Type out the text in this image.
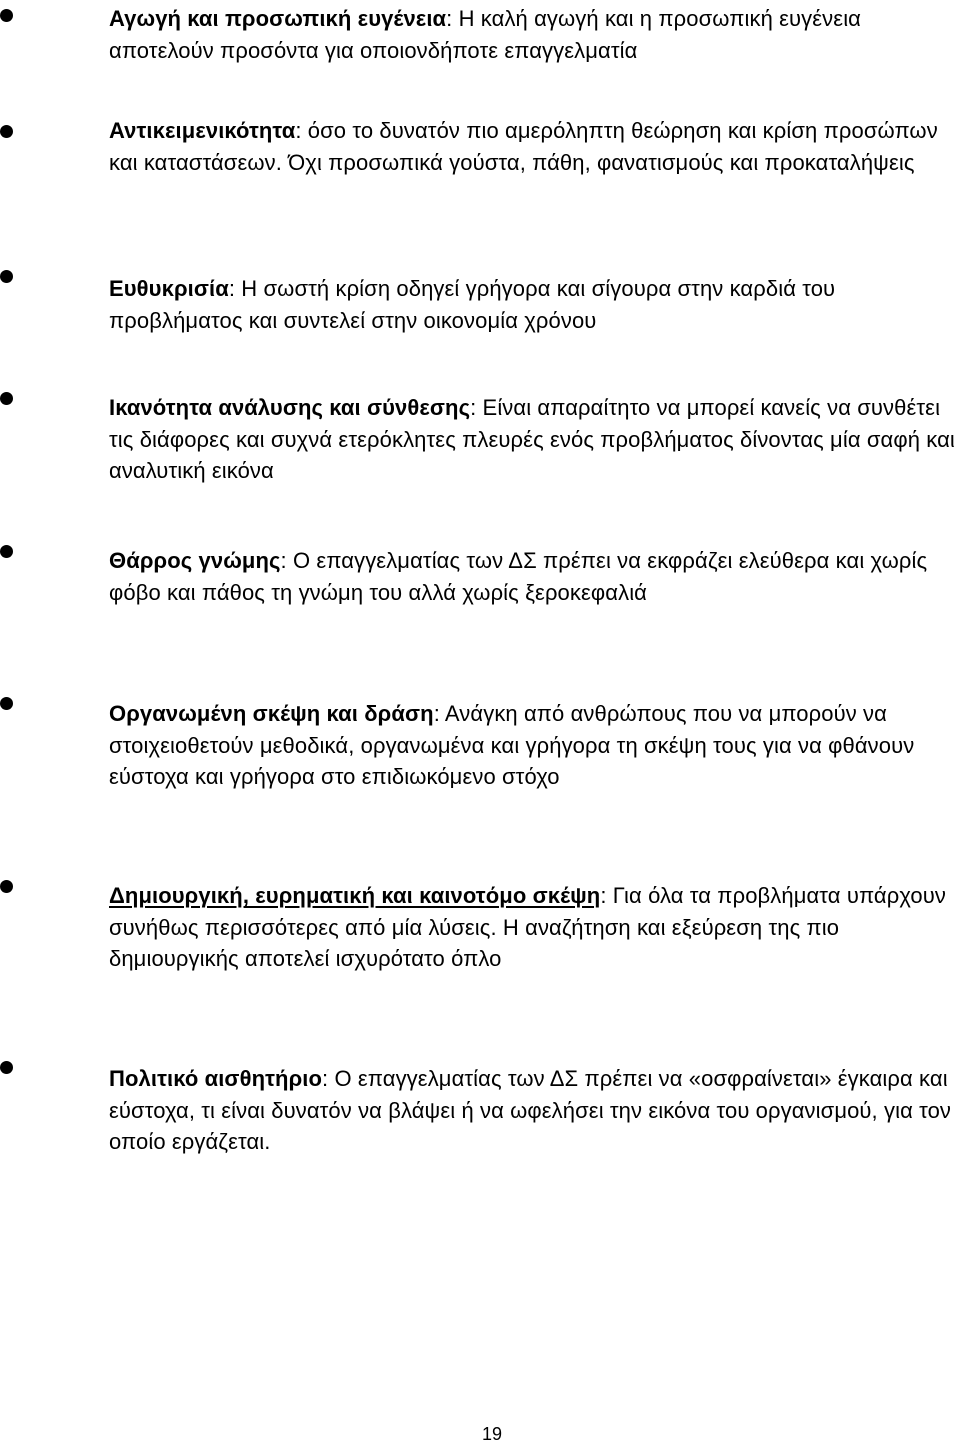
Αγωγή και προσωπική ευγένεια: Η καλή αγωγή και η προσωπική ευγένεια αποτελούν προσόντα για οποιονδήποτε επαγγελματία
Αντικειμενικότητα: όσο το δυνατόν πιο αμερόληπτη θεώρηση και κρίση προσώπων και καταστάσεων. Όχι προσωπικά γούστα, πάθη, φανατισμούς και προκαταλήψεις
Ευθυκρισία: Η σωστή κρίση οδηγεί γρήγορα και σίγουρα στην καρδιά του προβλήματος και συντελεί στην οικονομία χρόνου
Ικανότητα ανάλυσης και σύνθεσης: Είναι απαραίτητο να μπορεί κανείς να συνθέτει τις διάφορες και συχνά ετερόκλητες πλευρές ενός προβλήματος δίνοντας μία σαφή και αναλυτική εικόνα
Θάρρος γνώμης: Ο επαγγελματίας των ΔΣ πρέπει να εκφράζει ελεύθερα και χωρίς φόβο και πάθος τη γνώμη του αλλά χωρίς ξεροκεφαλιά
Οργανωμένη σκέψη και δράση: Ανάγκη από ανθρώπους που να μπορούν να στοιχειοθετούν μεθοδικά, οργανωμένα και γρήγορα τη σκέψη τους για να φθάνουν εύστοχα και γρήγορα στο επιδιωκόμενο στόχο
Δημιουργική, ευρηματική και καινοτόμο σκέψη: Για όλα τα προβλήματα υπάρχουν συνήθως περισσότερες από μία λύσεις. Η αναζήτηση και εξεύρεση της πιο δημιουργικής αποτελεί ισχυρότατο όπλο
Πολιτικό αισθητήριο: Ο επαγγελματίας των ΔΣ πρέπει να «οσφραίνεται» έγκαιρα και εύστοχα, τι είναι δυνατόν να βλάψει ή να ωφελήσει την εικόνα του οργανισμού, για τον οποίο εργάζεται.
19
